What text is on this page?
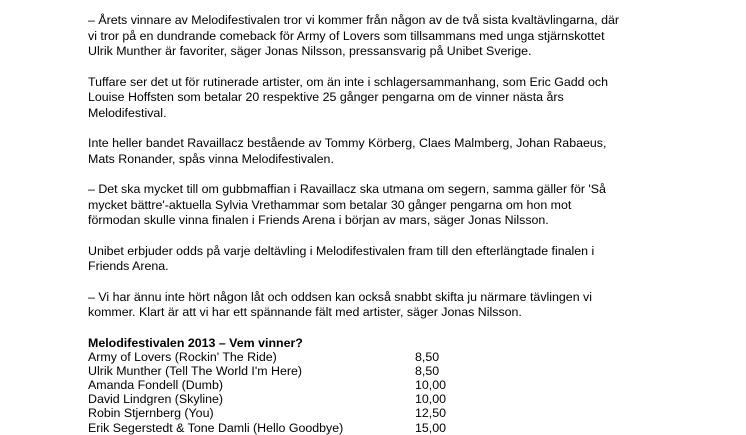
– Årets vinnare av Melodifestivalen tror vi kommer från någon av de två sista kvaltävlingarna, där
vi tror på en dundrande comeback för Army of Lovers som tillsammans med unga stjärnskottet
Ulrik Munther är favoriter, säger Jonas Nilsson, pressansvarig på Unibet Sverige.

Tuffare ser det ut för rutinerade artister, om än inte i schlagersammanhang, som Eric Gadd och
Louise Hoffsten som betalar 20 respektive 25 gånger pengarna om de vinner nästa års
Melodifestival.

Inte heller bandet Ravaillacz bestående av Tommy Körberg, Claes Malmberg, Johan Rabaeus,
Mats Ronander, spås vinna Melodifestivalen.

– Det ska mycket till om gubbmaffian i Ravaillacz ska utmana om segern, samma gäller för 'Så
mycket bättre'-aktuella Sylvia Vrethammar som betalar 30 gånger pengarna om hon mot
förmodan skulle vinna finalen i Friends Arena i början av mars, säger Jonas Nilsson.

Unibet erbjuder odds på varje deltävling i Melodifestivalen fram till den efterlängtade finalen i
Friends Arena.

– Vi har ännu inte hört någon låt och oddsen kan också snabbt skifta ju närmare tävlingen vi
kommer. Klart är att vi har ett spännande fält med artister, säger Jonas Nilsson.

Melodifestivalen 2013 – Vem vinner?
Army of Lovers (Rockin' The Ride)	8,50
Ulrik Munther (Tell The World I'm Here)	8,50
Amanda Fondell (Dumb)	10,00
David Lindgren (Skyline)	10,00
Robin Stjernberg (You)	12,50
Erik Segerstedt & Tone Damli (Hello Goodbye)	15,00
